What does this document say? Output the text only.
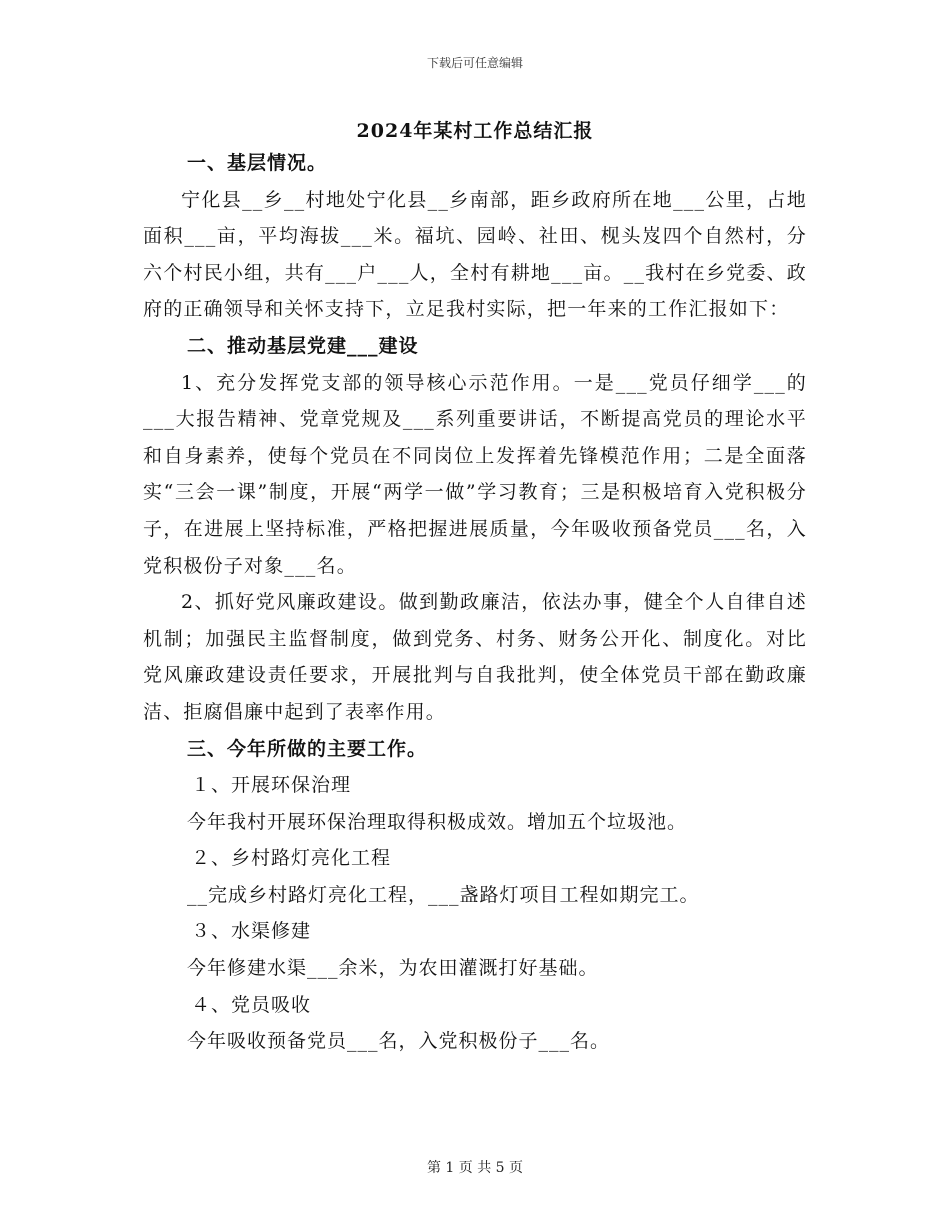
下载后可任意编辑
2024年某村工作总结汇报

一、基层情况。

宁化县__乡__村地处宁化县__乡南部，距乡政府所在地___公里，占地面积___亩，平均海拔___米。福坑、园岭、社田、枧头岌四个自然村，分六个村民小组，共有___户___人，全村有耕地___亩。__我村在乡党委、政府的正确领导和关怀支持下，立足我村实际，把一年来的工作汇报如下：

二、推动基层党建___建设

1、充分发挥党支部的领导核心示范作用。一是___党员仔细学___的___大报告精神、党章党规及___系列重要讲话，不断提高党员的理论水平和自身素养，使每个党员在不同岗位上发挥着先锋模范作用；二是全面落实“三会一课”制度，开展“两学一做”学习教育；三是积极培育入党积极分子，在进展上坚持标准，严格把握进展质量，今年吸收预备党员___名，入党积极份子对象___名。

2、抓好党风廉政建设。做到勤政廉洁，依法办事，健全个人自律自述机制；加强民主监督制度，做到党务、村务、财务公开化、制度化。对比党风廉政建设责任要求，开展批判与自我批判，使全体党员干部在勤政廉洁、拒腐倡廉中起到了表率作用。

三、今年所做的主要工作。

１、开展环保治理

今年我村开展环保治理取得积极成效。增加五个垃圾池。

２、乡村路灯亮化工程

__完成乡村路灯亮化工程，___盏路灯项目工程如期完工。

３、水渠修建

今年修建水渠___余米，为农田灌溉打好基础。

４、党员吸收

今年吸收预备党员___名，入党积极份子___名。

第 1 页 共 5 页
